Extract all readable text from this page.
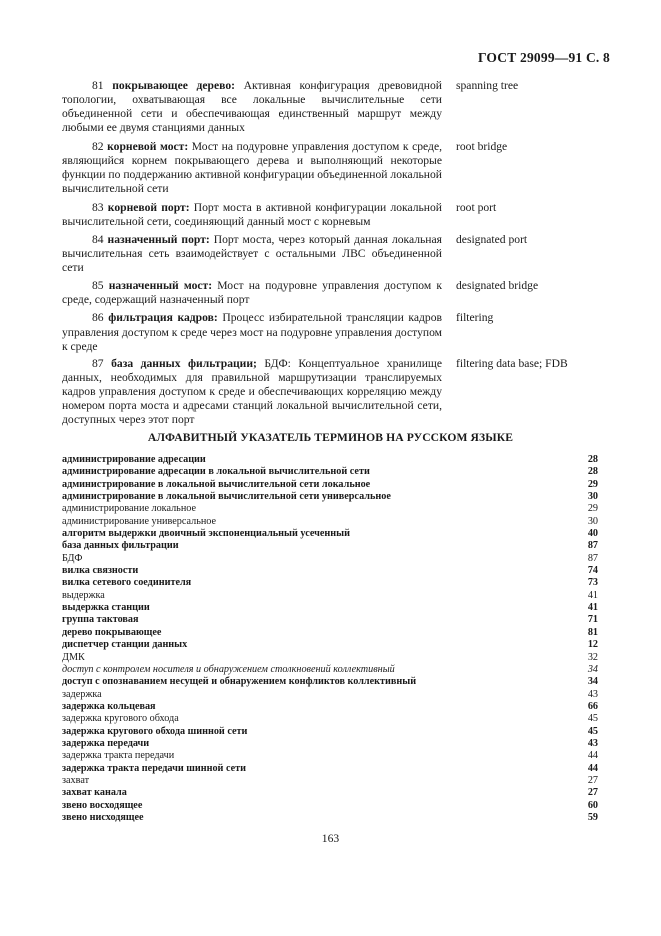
ГОСТ 29099—91 С. 8
81 покрывающее дерево: Активная конфигурация древовидной топологии, охватывающая все локальные вычислительные сети объединенной сети и обеспечивающая единственный маршрут между любыми ее двумя станциями данных
spanning tree
82 корневой мост: Мост на подуровне управления доступом к среде, являющийся корнем покрывающего дерева и выполняющий некоторые функции по поддержанию активной конфигурации объединенной локальной вычислительной сети
root bridge
83 корневой порт: Порт моста в активной конфигурации локальной вычислительной сети, соединяющий данный мост с корневым
root port
84 назначенный порт: Порт моста, через который данная локальная вычислительная сеть взаимодействует с остальными ЛВС объединенной сети
designated port
85 назначенный мост: Мост на подуровне управления доступом к среде, содержащий назначенный порт
designated bridge
86 фильтрация кадров: Процесс избирательной трансляции кадров управления доступом к среде через мост на подуровне управления доступом к среде
filtering
87 база данных фильтрации; БДФ: Концептуальное хранилище данных, необходимых для правильной маршрутизации транслируемых кадров управления доступом к среде и обеспечивающих корреляцию между номером порта моста и адресами станций локальной вычислительной сети, доступных через этот порт
filtering data base; FDB
АЛФАВИТНЫЙ УКАЗАТЕЛЬ ТЕРМИНОВ НА РУССКОМ ЯЗЫКЕ
администрирование адресации	28
администрирование адресации в локальной вычислительной сети	28
администрирование в локальной вычислительной сети локальное	29
администрирование в локальной вычислительной сети универсальное	30
администрирование локальное	29
администрирование универсальное	30
алгоритм выдержки двоичный экспоненциальный усеченный	40
база данных фильтрации	87
БДФ	87
вилка связности	74
вилка сетевого соединителя	73
выдержка	41
выдержка станции	41
группа тактовая	71
дерево покрывающее	81
диспетчер станции данных	12
ДМК	32
доступ с контролем носителя и обнаружением столкновений коллективный	34
доступ с опознаванием несущей и обнаружением конфликтов коллективный	34
задержка	43
задержка кольцевая	66
задержка кругового обхода	45
задержка кругового обхода шинной сети	45
задержка передачи	43
задержка тракта передачи	44
задержка тракта передачи шинной сети	44
захват	27
захват канала	27
звено восходящее	60
звено нисходящее	59
163
